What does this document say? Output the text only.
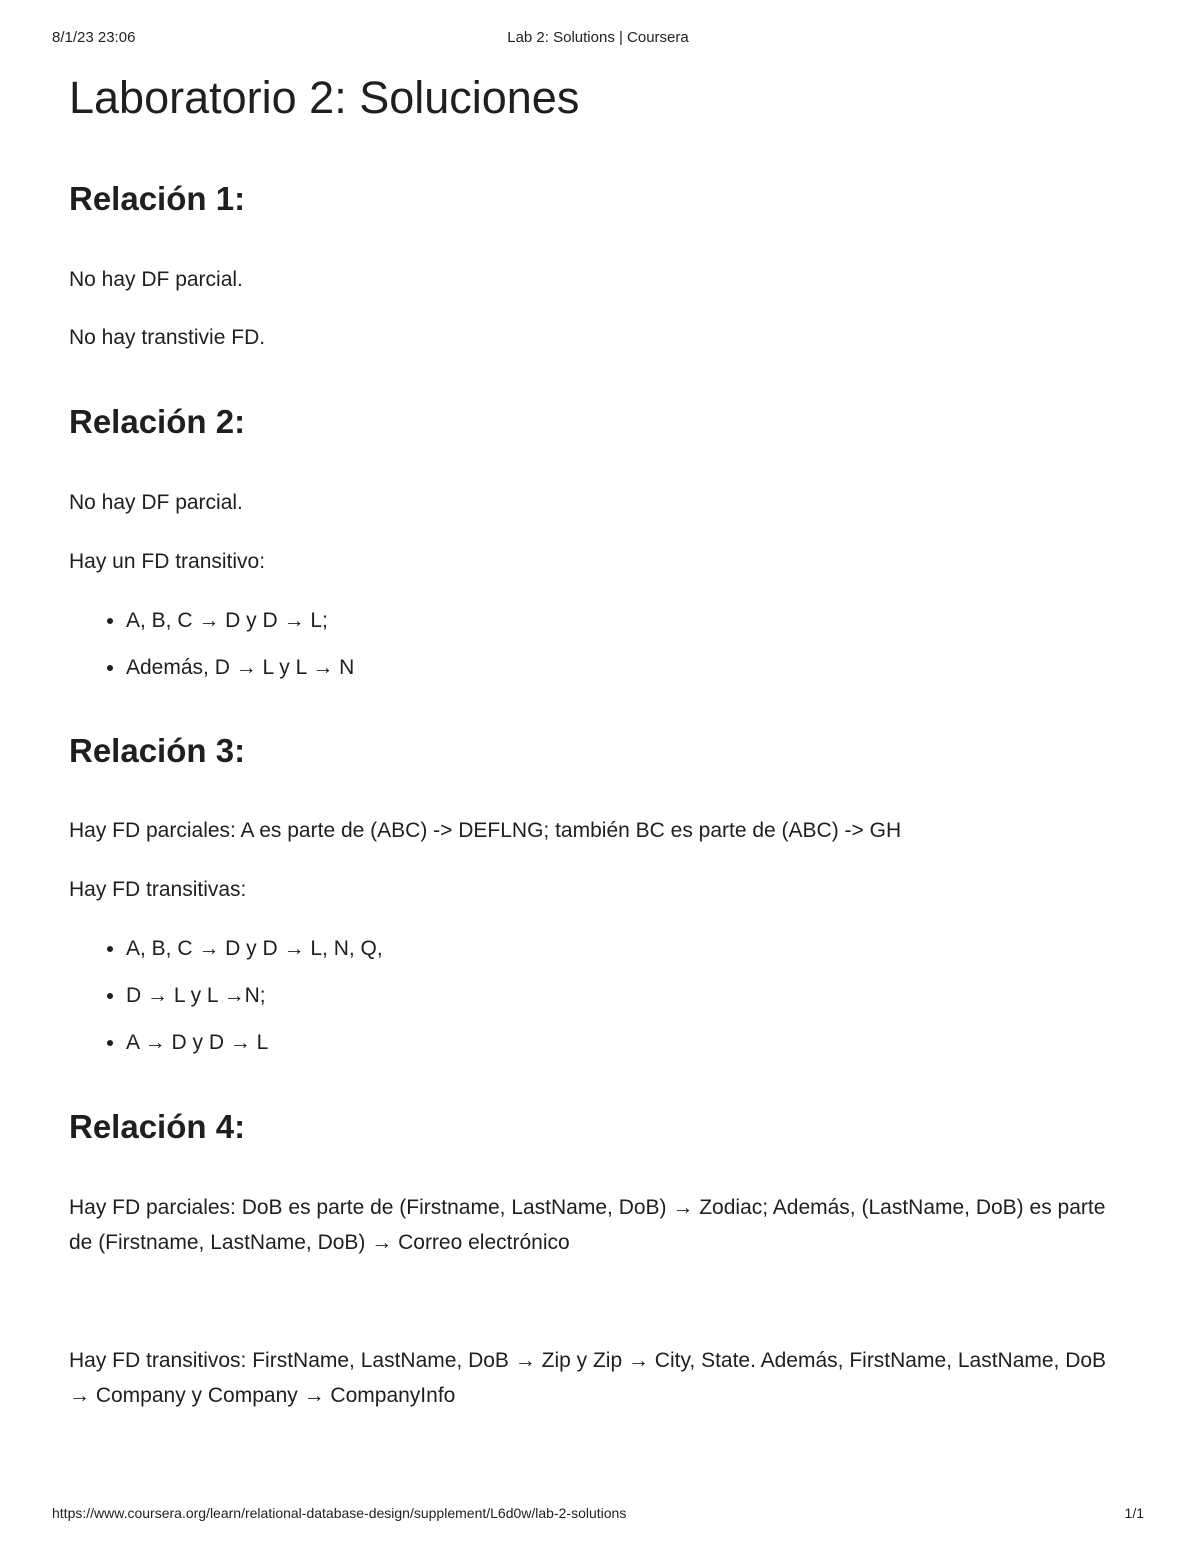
8/1/23 23:06	Lab 2: Solutions | Coursera
Laboratorio 2: Soluciones
Relación 1:

No hay DF parcial.

No hay transtivie FD.

Relación 2:

No hay DF parcial.

Hay un FD transitivo:

• A, B, C → D y D → L;
• Además, D → L y L → N
Relación 3:

Hay FD parciales: A es parte de (ABC) -> DEFLNG; también BC es parte de (ABC) -> GH

Hay FD transitivas:

• A, B, C → D y D → L, N, Q,
• D → L y L →N;
• A → D y D → L
Relación 4:

Hay FD parciales: DoB es parte de (Firstname, LastName, DoB) → Zodiac; Además, (LastName, DoB) es parte de (Firstname, LastName, DoB) → Correo electrónico

Hay FD transitivos: FirstName, LastName, DoB → Zip y Zip → City, State. Además, FirstName, LastName, DoB → Company y Company → CompanyInfo

https://www.coursera.org/learn/relational-database-design/supplement/L6d0w/lab-2-solutions	1/1
